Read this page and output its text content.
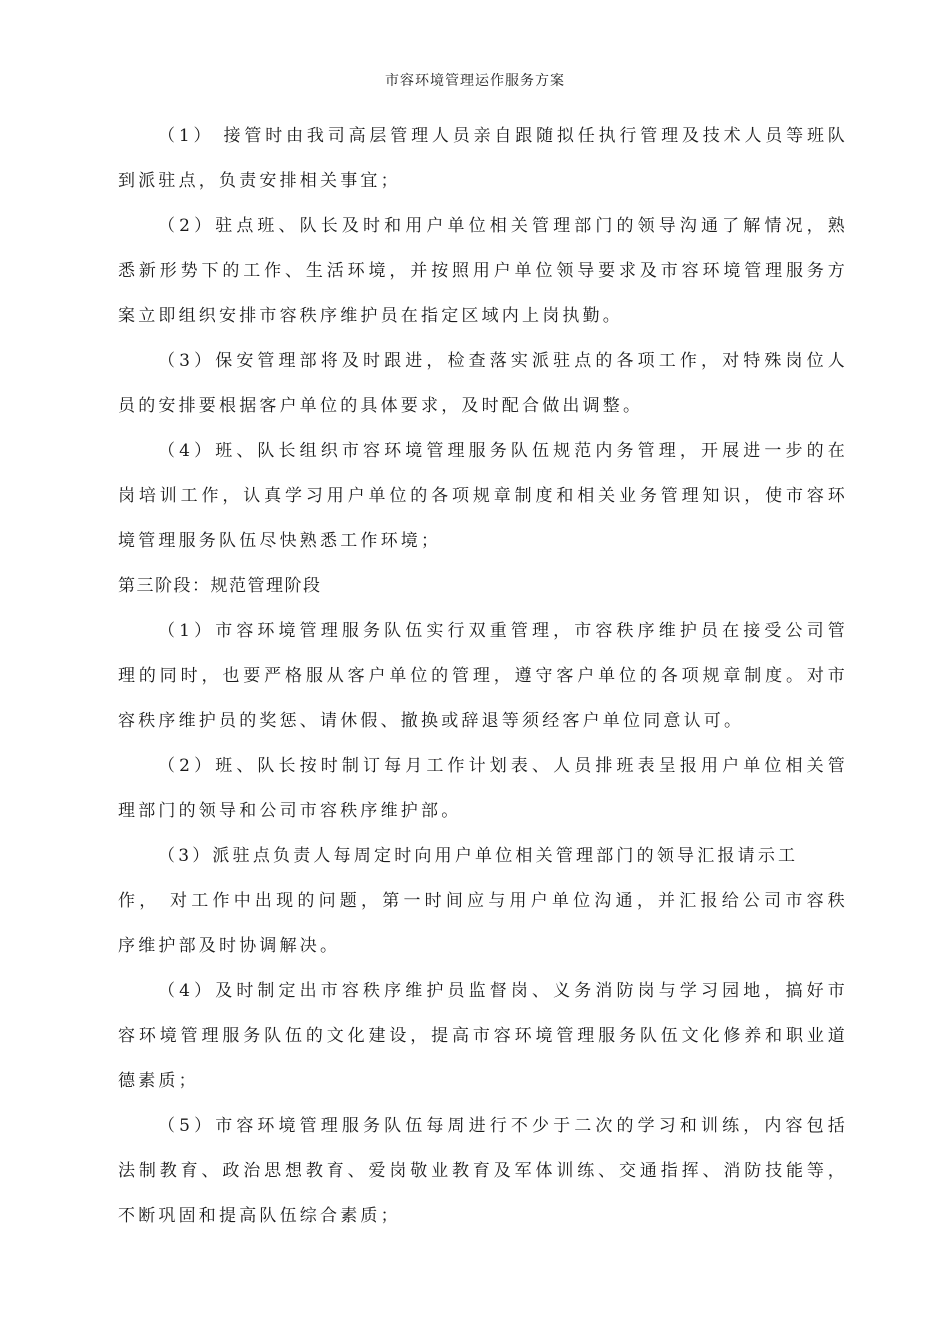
市容环境管理运作服务方案
（1） 接管时由我司高层管理人员亲自跟随拟任执行管理及技术人员等班队
到派驻点，负责安排相关事宜；
（2）驻点班、队长及时和用户单位相关管理部门的领导沟通了解情况，熟
悉新形势下的工作、生活环境，并按照用户单位领导要求及市容环境管理服务方
案立即组织安排市容秩序维护员在指定区域内上岗执勤。
（3）保安管理部将及时跟进，检查落实派驻点的各项工作，对特殊岗位人
员的安排要根据客户单位的具体要求，及时配合做出调整。
（4）班、队长组织市容环境管理服务队伍规范内务管理，开展进一步的在
岗培训工作，认真学习用户单位的各项规章制度和相关业务管理知识，使市容环
境管理服务队伍尽快熟悉工作环境；
第三阶段：规范管理阶段
（1）市容环境管理服务队伍实行双重管理，市容秩序维护员在接受公司管
理的同时，也要严格服从客户单位的管理，遵守客户单位的各项规章制度。对市
容秩序维护员的奖惩、请休假、撤换或辞退等须经客户单位同意认可。
（2）班、队长按时制订每月工作计划表、人员排班表呈报用户单位相关管
理部门的领导和公司市容秩序维护部。
（3）派驻点负责人每周定时向用户单位相关管理部门的领导汇报请示工
作， 对工作中出现的问题，第一时间应与用户单位沟通，并汇报给公司市容秩
序维护部及时协调解决。
（4）及时制定出市容秩序维护员监督岗、义务消防岗与学习园地，搞好市
容环境管理服务队伍的文化建设，提高市容环境管理服务队伍文化修养和职业道
德素质；
（5）市容环境管理服务队伍每周进行不少于二次的学习和训练，内容包括
法制教育、政治思想教育、爱岗敬业教育及军体训练、交通指挥、消防技能等，
不断巩固和提高队伍综合素质；
